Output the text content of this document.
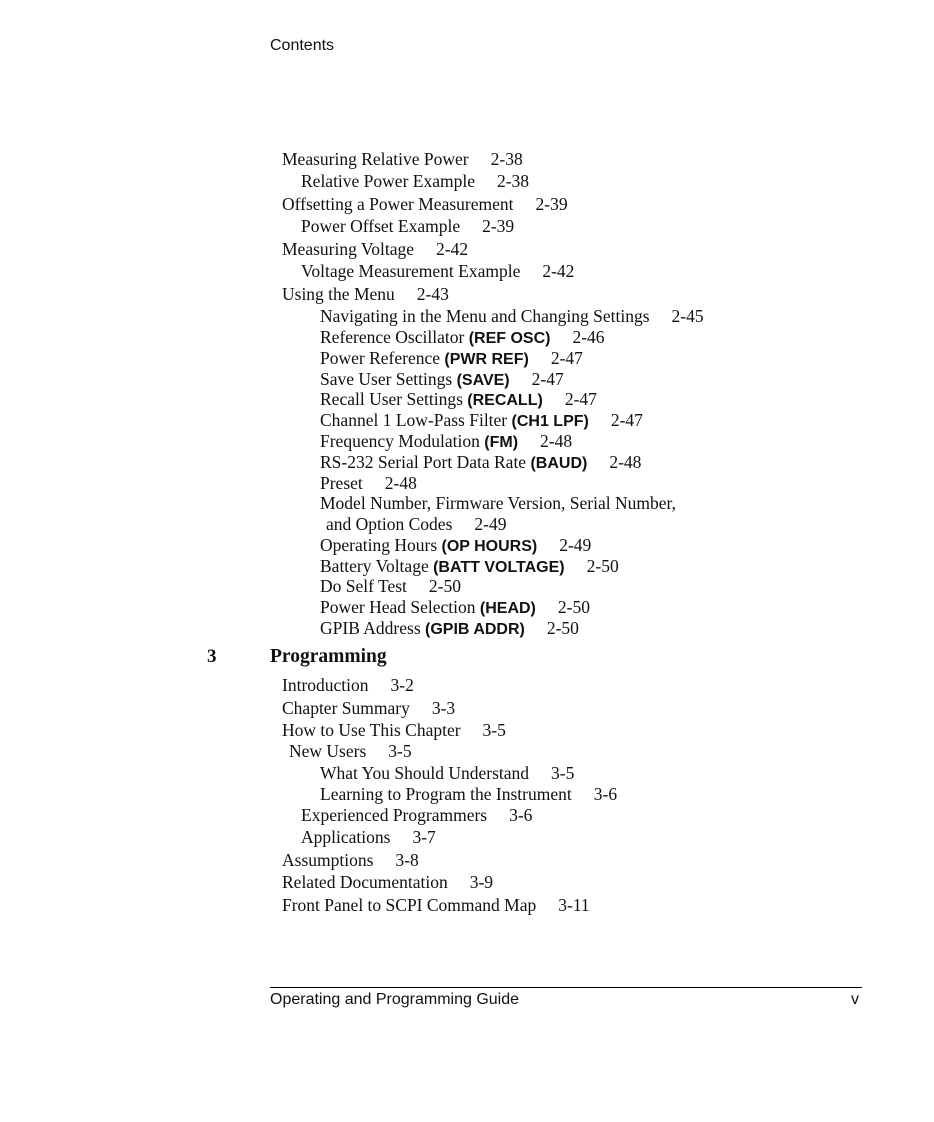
Contents
Measuring Relative Power 2-38
Relative Power Example 2-38
Offsetting a Power Measurement 2-39
Power Offset Example 2-39
Measuring Voltage 2-42
Voltage Measurement Example 2-42
Using the Menu 2-43
Navigating in the Menu and Changing Settings 2-45
Reference Oscillator (REF OSC) 2-46
Power Reference (PWR REF) 2-47
Save User Settings (SAVE) 2-47
Recall User Settings (RECALL) 2-47
Channel 1 Low-Pass Filter (CH1 LPF) 2-47
Frequency Modulation (FM) 2-48
RS-232 Serial Port Data Rate (BAUD) 2-48
Preset 2-48
Model Number, Firmware Version, Serial Number,
and Option Codes 2-49
Operating Hours (OP HOURS) 2-49
Battery Voltage (BATT VOLTAGE) 2-50
Do Self Test 2-50
Power Head Selection (HEAD) 2-50
GPIB Address (GPIB ADDR) 2-50
3	Programming
Introduction 3-2
Chapter Summary 3-3
How to Use This Chapter 3-5
New Users 3-5
What You Should Understand 3-5
Learning to Program the Instrument 3-6
Experienced Programmers 3-6
Applications 3-7
Assumptions 3-8
Related Documentation 3-9
Front Panel to SCPI Command Map 3-11
Operating and Programming Guide	v
